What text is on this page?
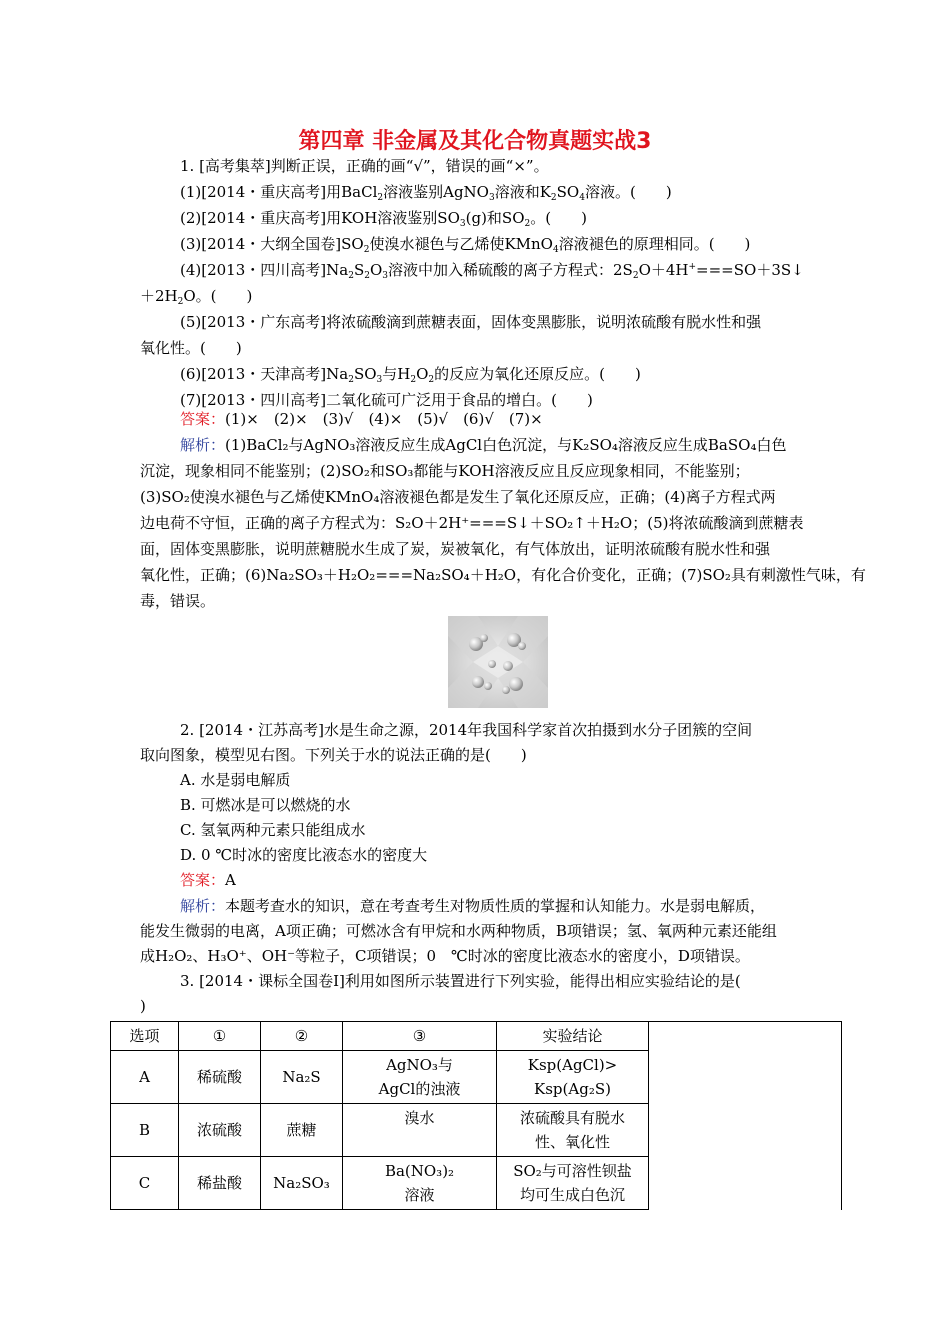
第四章 非金属及其化合物真题实战3
1. [高考集萃]判断正误，正确的画“√”，错误的画“×”。
(1)[2014・重庆高考]用BaCl$_2$溶液鉴别AgNO$_3$溶液和$K_2SO_4$溶液。(　　)
(2)[2014・重庆高考]用KOH溶液鉴别$SO_3(g)$和$SO_2$。(　　)
(3)[2014・大纲全国卷]$SO_2$使溴水褪色与乙烯使KMnO$_4$溶液褪色的原理相同。(　　)
(4)[2013・四川高考]$Na_2S_2O_3$溶液中加入稀硫酸的离子方程式：$2S_2O+4H^+===SO+3S↓$
$+2H_2O$。(　　)
(5)[2013・广东高考]将浓硫酸滴到蔗糖表面，固体变黑膨胀，说明浓硫酸有脱水性和强
氧化性。(　　)
(6)[2013・天津高考]$Na_2SO_3$与$H_2O_2$的反应为氧化还原反应。(　　)
(7)[2013・四川高考]二氧化硫可广泛用于食品的增白。(　　)
答案：(1)×　(2)×　(3)√　(4)×　(5)√　(6)√　(7)×
解析：(1)BaCl₂与AgNO₃溶液反应生成AgCl白色沉淀，与K₂SO₄溶液反应生成BaSO₄白色
沉淀，现象相同不能鉴别；(2)SO₂和SO₃都能与KOH溶液反应且反应现象相同，不能鉴别；
(3)SO₂使溴水褪色与乙烯使KMnO₄溶液褪色都是发生了氧化还原反应，正确；(4)离子方程式两
边电荷不守恒，正确的离子方程式为：S₂O＋2H⁺===S↓＋SO₂↑＋H₂O；(5)将浓硫酸滴到蔗糖表
面，固体变黑膨胀，说明蔗糖脱水生成了炭，炭被氧化，有气体放出，证明浓硫酸有脱水性和强
氧化性，正确；(6)Na₂SO₃＋H₂O₂===Na₂SO₄＋H₂O，有化合价变化，正确；(7)SO₂具有刺激性气味，有
毒，错误。
2. [2014・江苏高考]水是生命之源，2014年我国科学家首次拍摄到水分子团簇的空间
取向图象，模型见右图。下列关于水的说法正确的是(　　)
A. 水是弱电解质
B. 可燃冰是可以燃烧的水
C. 氢氧两种元素只能组成水
D. 0 ℃时冰的密度比液态水的密度大
答案：A
解析：本题考查水的知识，意在考查考生对物质性质的掌握和认知能力。水是弱电解质，
能发生微弱的电离，A项正确；可燃冰含有甲烷和水两种物质，B项错误；氢、氧两种元素还能组
成H₂O₂、H₃O⁺、OH⁻等粒子，C项错误；0　℃时冰的密度比液态水的密度小，D项错误。
3. [2014・课标全国卷Ⅰ]利用如图所示装置进行下列实验，能得出相应实验结论的是(
)
选项	①	②	③	实验结论	
A	稀硫酸	Na₂S	AgNO₃与
AgCl的浊液	Ksp(AgCl)>
Ksp(Ag₂S)	
B	浓硫酸	蔗糖	溴水	浓硫酸具有脱水
性、氧化性	
C	稀盐酸	Na₂SO₃	Ba(NO₃)₂
溶液	SO₂与可溶性钡盐
均可生成白色沉	
